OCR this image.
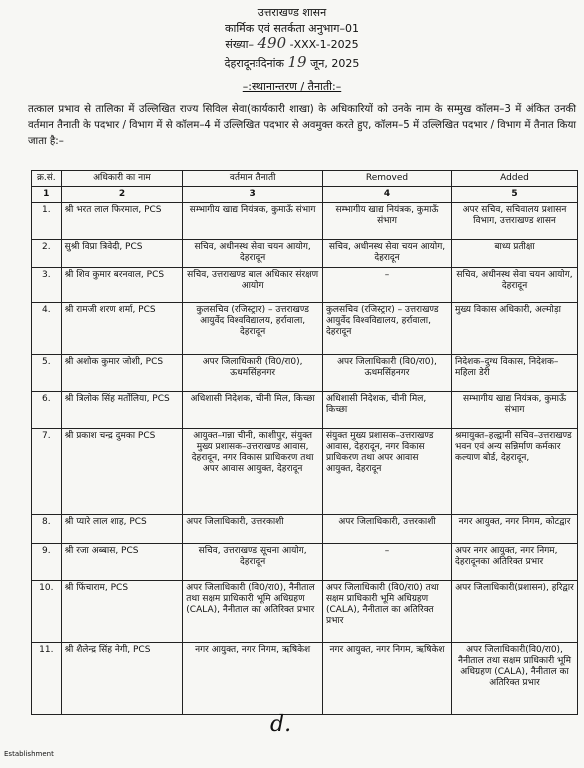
उत्तराखण्ड शासन
कार्मिक एवं सतर्कता अनुभाग–01
संख्या– 490 -XXX-1-2025
देहरादूनःदिनांक 19 जून, 2025
–:स्थानान्तरण / तैनाती:–
तत्काल प्रभाव से तालिका में उल्लिखित राज्य सिविल सेवा(कार्यकारी शाखा) के अधिकारियों को उनके नाम के सम्मुख कॉलम–3 में अंकित उनकी वर्तमान तैनाती के पदभार / विभाग में से कॉलम–4 में उल्लिखित पदभार से अवमुक्त करते हुए, कॉलम–5 में उल्लिखित पदभार / विभाग में तैनात किया जाता है:–
क्र.सं.	अधिकारी का नाम	वर्तमान तैनाती	Removed	Added
1	2	3	4	5
1.	श्री भरत लाल फिरमाल, PCS	सम्भागीय खाद्य नियंत्रक, कुमाऊँ संभाग	सम्भागीय खाद्य नियंत्रक, कुमाऊँ संभाग	अपर सचिव, सचिवालय प्रशासन विभाग, उत्तराखण्ड शासन
2.	सुश्री विप्रा त्रिवेदी, PCS	सचिव, अधीनस्थ सेवा चयन आयोग, देहरादून	सचिव, अधीनस्थ सेवा चयन आयोग, देहरादून	बाध्य प्रतीक्षा
3.	श्री शिव कुमार बरनवाल, PCS	सचिव, उत्तराखण्ड बाल अधिकार संरक्षण आयोग	–	सचिव, अधीनस्थ सेवा चयन आयोग, देहरादून
4.	श्री रामजी शरण शर्मा, PCS	कुलसचिव (रजिस्ट्रार) – उत्तराखण्ड आयुर्वेद विश्वविद्यालय, हर्रावाला, देहरादून	कुलसचिव (रजिस्ट्रार) – उत्तराखण्ड आयुर्वेद विश्वविद्यालय, हर्रावाला, देहरादून	मुख्य विकास अधिकारी, अल्मोड़ा
5.	श्री अशोक कुमार जोशी, PCS	अपर जिलाधिकारी (वि0/रा0), ऊधमसिंहनगर	अपर जिलाधिकारी (वि0/रा0), ऊधमसिंहनगर	निदेशक–दुग्ध विकास, निदेशक–महिला डेरी
6.	श्री त्रिलोक सिंह मर्तोलिया, PCS	अधिशासी निदेशक, चीनी मिल, किच्छा	अधिशासी निदेशक, चीनी मिल, किच्छा	सम्भागीय खाद्य नियंत्रक, कुमाऊँ संभाग
7.	श्री प्रकाश चन्द्र दुमका PCS	आयुक्त–गन्ना चीनी, काशीपुर, संयुक्त मुख्य प्रशासक–उत्तराखण्ड आवास, देहरादून, नगर विकास प्राधिकरण तथा अपर आवास आयुक्त, देहरादून	संयुक्त मुख्य प्रशासक–उत्तराखण्ड आवास, देहरादून, नगर विकास प्राधिकरण तथा अपर आवास आयुक्त, देहरादून	श्रमायुक्त–हल्द्वानी सचिव–उत्तराखण्ड भवन एवं अन्य सन्निर्माण कर्मकार कल्याण बोर्ड, देहरादून,
8.	श्री प्यारे लाल शाह, PCS	अपर जिलाधिकारी, उत्तरकाशी	अपर जिलाधिकारी, उत्तरकाशी	नगर आयुक्त, नगर निगम, कोटद्वार
9.	श्री रजा अब्बास, PCS	सचिव, उत्तराखण्ड सूचना आयोग, देहरादून	–	अपर नगर आयुक्त, नगर निगम, देहरादूनका अतिरिक्त प्रभार
10.	श्री फिंचाराम, PCS	अपर जिलाधिकारी (वि0/रा0), नैनीताल तथा सक्षम प्राधिकारी भूमि अधिग्रहण (CALA), नैनीताल का अतिरिक्त प्रभार	अपर जिलाधिकारी (वि0/रा0) तथा सक्षम प्राधिकारी भूमि अधिग्रहण (CALA), नैनीताल का अतिरिक्त प्रभार	अपर जिलाधिकारी(प्रशासन), हरिद्वार
11.	श्री शैलेन्द्र सिंह नेगी, PCS	नगर आयुक्त, नगर निगम, ऋषिकेश	नगर आयुक्त, नगर निगम, ऋषिकेश	अपर जिलाधिकारी(वि0/रा0), नैनीताल तथा सक्षम प्राधिकारी भूमि अधिग्रहण (CALA), नैनीताल का अतिरिक्त प्रभार
d.
Establishment
